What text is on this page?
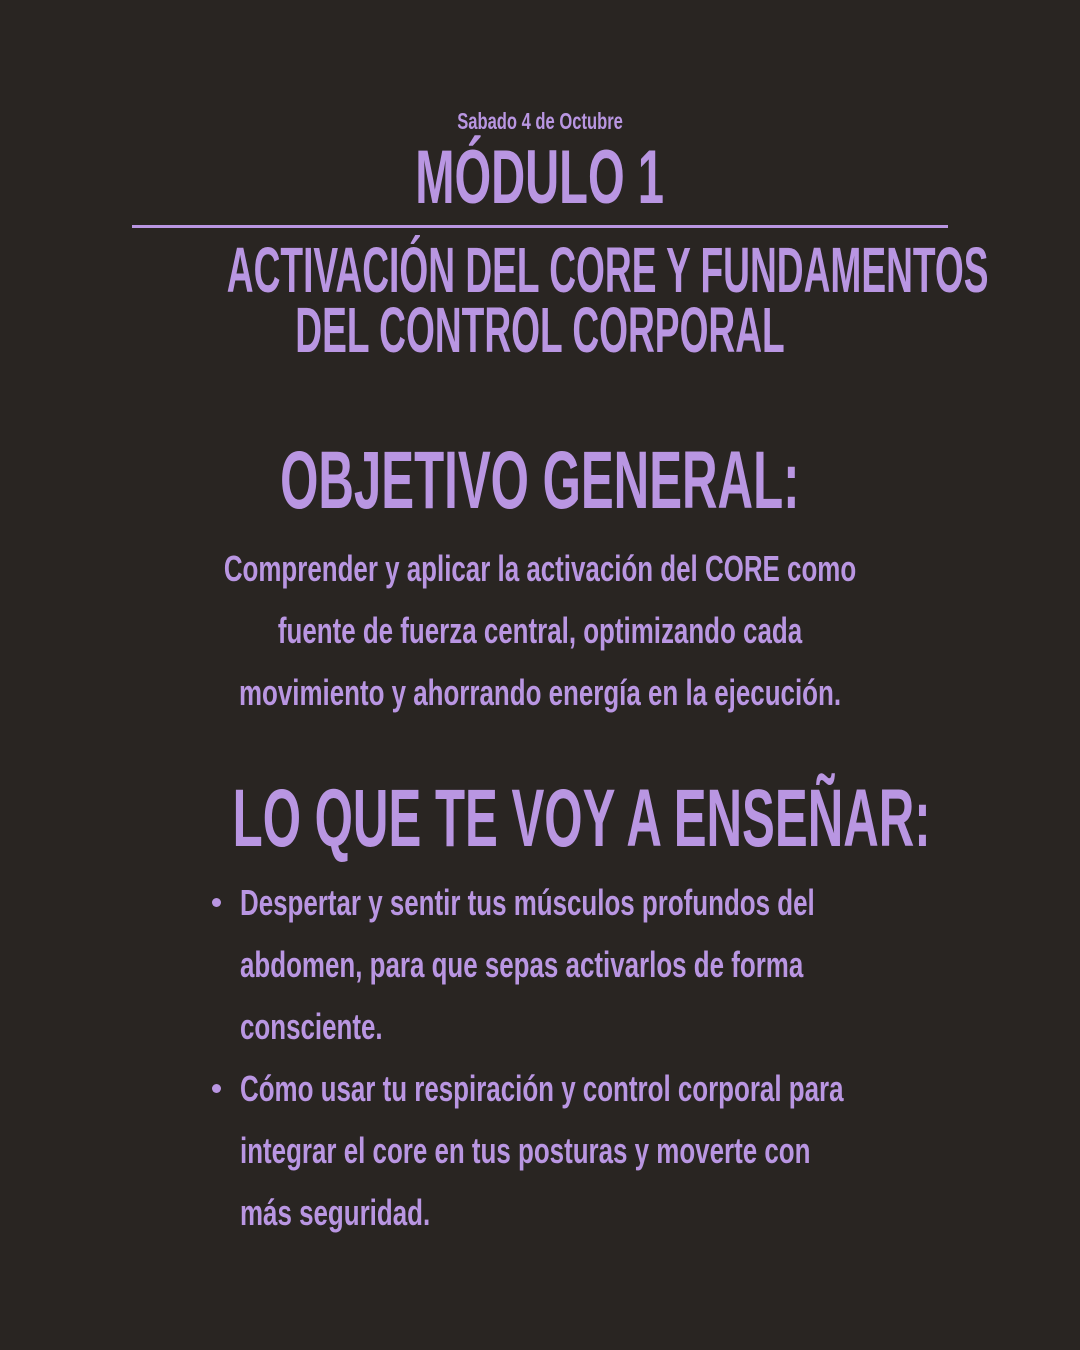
Sabado 4 de Octubre
MÓDULO 1
ACTIVACIÓN DEL CORE Y FUNDAMENTOS
DEL CONTROL CORPORAL
OBJETIVO GENERAL:
Comprender y aplicar la activación del CORE como
fuente de fuerza central, optimizando cada
movimiento y ahorrando energía en la ejecución.
LO QUE TE VOY A ENSEÑAR:
Despertar y sentir tus músculos profundos del
abdomen, para que sepas activarlos de forma
consciente.
Cómo usar tu respiración y control corporal para
integrar el core en tus posturas y moverte con
más seguridad.
